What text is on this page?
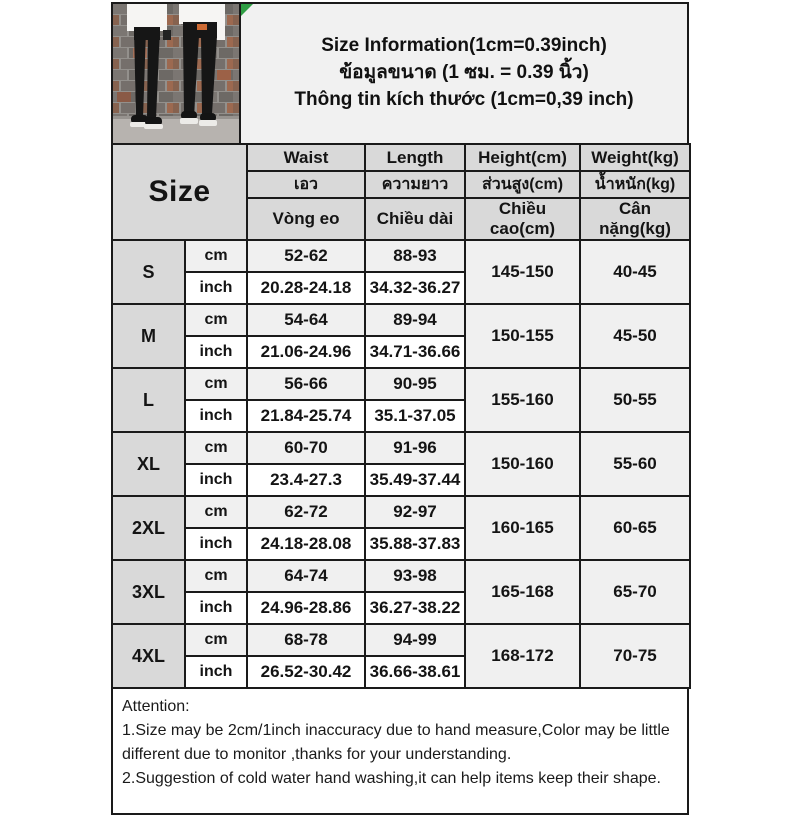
Size Information(1cm=0.39inch)
ข้อมูลขนาด (1 ซม. = 0.39 นิ้ว)
Thông tin kích thước (1cm=0,39 inch)
Size		Waist	Length	Height(cm)	Weight(kg)
		เอว	ความยาว	ส่วนสูง(cm)	น้ำหนัก(kg)
		Vòng eo	Chiều dài	Chiều cao(cm)	Cân nặng(kg)
S	cm	52-62	88-93	145-150	40-45
	inch	20.28-24.18	34.32-36.27		
M	cm	54-64	89-94	150-155	45-50
	inch	21.06-24.96	34.71-36.66		
L	cm	56-66	90-95	155-160	50-55
	inch	21.84-25.74	35.1-37.05		
XL	cm	60-70	91-96	150-160	55-60
	inch	23.4-27.3	35.49-37.44		
2XL	cm	62-72	92-97	160-165	60-65
	inch	24.18-28.08	35.88-37.83		
3XL	cm	64-74	93-98	165-168	65-70
	inch	24.96-28.86	36.27-38.22		
4XL	cm	68-78	94-99	168-172	70-75
	inch	26.52-30.42	36.66-38.61		

Attention:

1.Size may be 2cm/1inch inaccuracy due to hand measure,Color may be little different due to monitor ,thanks for your understanding.

2.Suggestion of cold water hand washing,it can help items keep their shape.
